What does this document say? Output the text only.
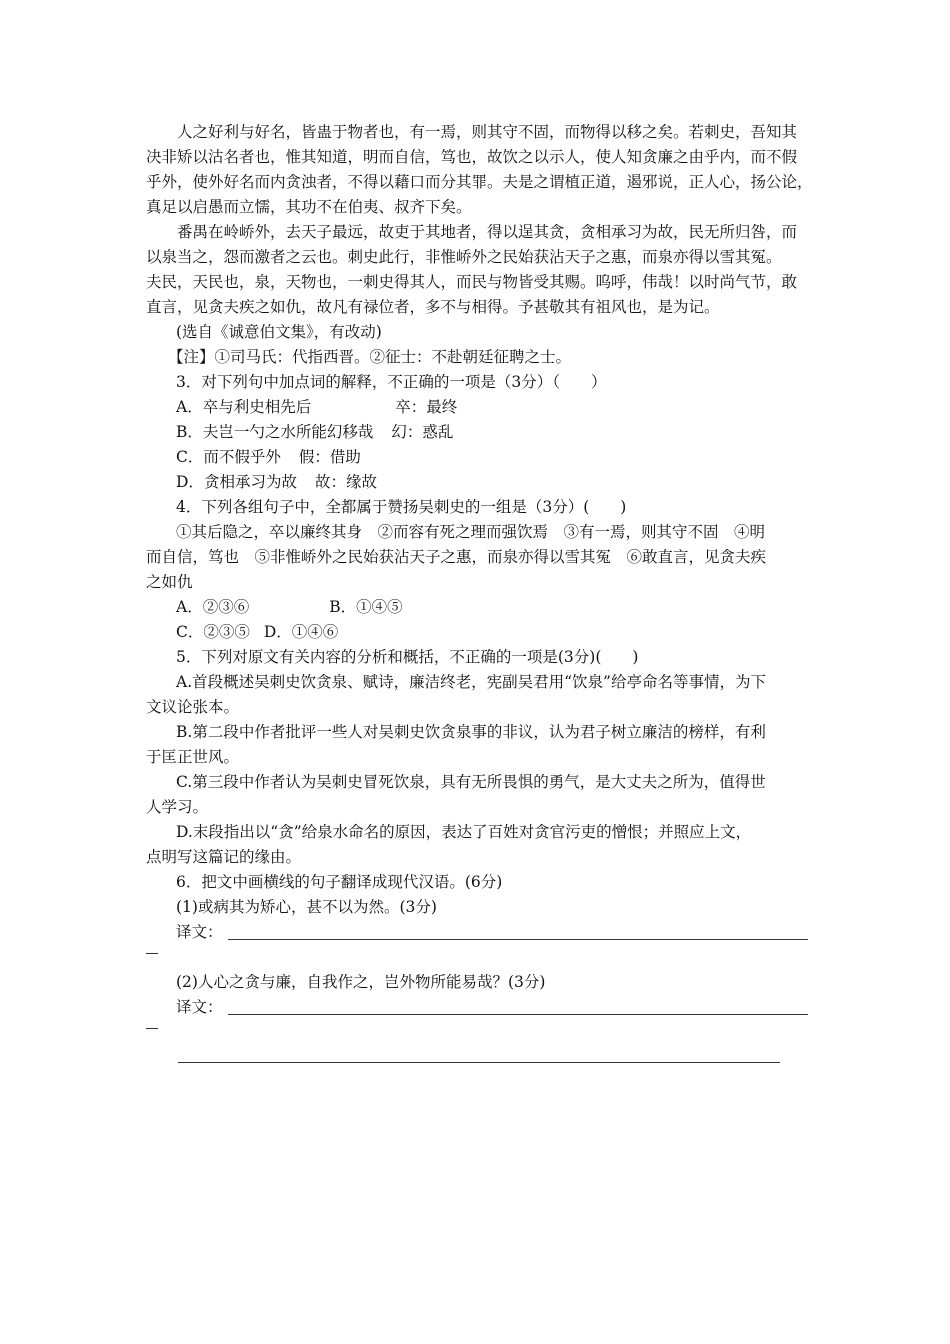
人之好利与好名，皆蛊于物者也，有一焉，则其守不固，而物得以移之矣。若刺史，吾知其

决非矫以沽名者也，惟其知道，明而自信，笃也，故饮之以示人，使人知贪廉之由乎内，而不假

乎外，使外好名而内贪浊者，不得以藉口而分其罪。夫是之谓植正道，遏邪说，正人心，扬公论，

真足以启愚而立懦，其功不在伯夷、叔齐下矣。

番禺在岭峤外，去天子最远，故吏于其地者，得以逞其贪，贪相承习为故，民无所归咎，而

以泉当之，怨而激者之云也。刺史此行，非惟峤外之民始获沾天子之惠，而泉亦得以雪其冤。

夫民，天民也，泉，天物也，一刺史得其人，而民与物皆受其赐。呜呼，伟哉！以时尚气节，敢

直言，见贪夫疾之如仇，故凡有禄位者，多不与相得。予甚敬其有祖风也，是为记。

(选自《诚意伯文集》，有改动)

【注】①司马氏：代指西晋。②征士：不赴朝廷征聘之士。

3．对下列句中加点词的解释，不正确的一项是（3分）（　　）

A．卒与利史相先后	卒：最终

B．夫岂一勺之水所能幻移哉 幻：惑乱

C．而不假乎外 假：借助

D．贪相承习为故 故：缘故

4．下列各组句子中，全都属于赞扬吴刺史的一组是（3分）(　　)

①其后隐之，卒以廉终其身　②而容有死之理而强饮焉　③有一焉，则其守不固　④明

而自信，笃也　⑤非惟峤外之民始获沾天子之惠，而泉亦得以雪其冤　⑥敢直言，见贪夫疾

之如仇

A．②③⑥	B．①④⑤

C．②③⑤ D．①④⑥

5．下列对原文有关内容的分析和概括，不正确的一项是(3分)(　　)

A.首段概述吴刺史饮贪泉、赋诗，廉洁终老，宪副吴君用“饮泉”给亭命名等事情，为下

文议论张本。

B.第二段中作者批评一些人对吴刺史饮贪泉事的非议，认为君子树立廉洁的榜样，有利

于匡正世风。

C.第三段中作者认为吴刺史冒死饮泉，具有无所畏惧的勇气，是大丈夫之所为，值得世

人学习。

D.末段指出以“贪”给泉水命名的原因，表达了百姓对贪官污吏的憎恨；并照应上文，

点明写这篇记的缘由。

6．把文中画横线的句子翻译成现代汉语。(6分)

(1)或病其为矫心，甚不以为然。(3分)

译文：

(2)人心之贪与廉，自我作之，岂外物所能易哉？(3分)

译文：
